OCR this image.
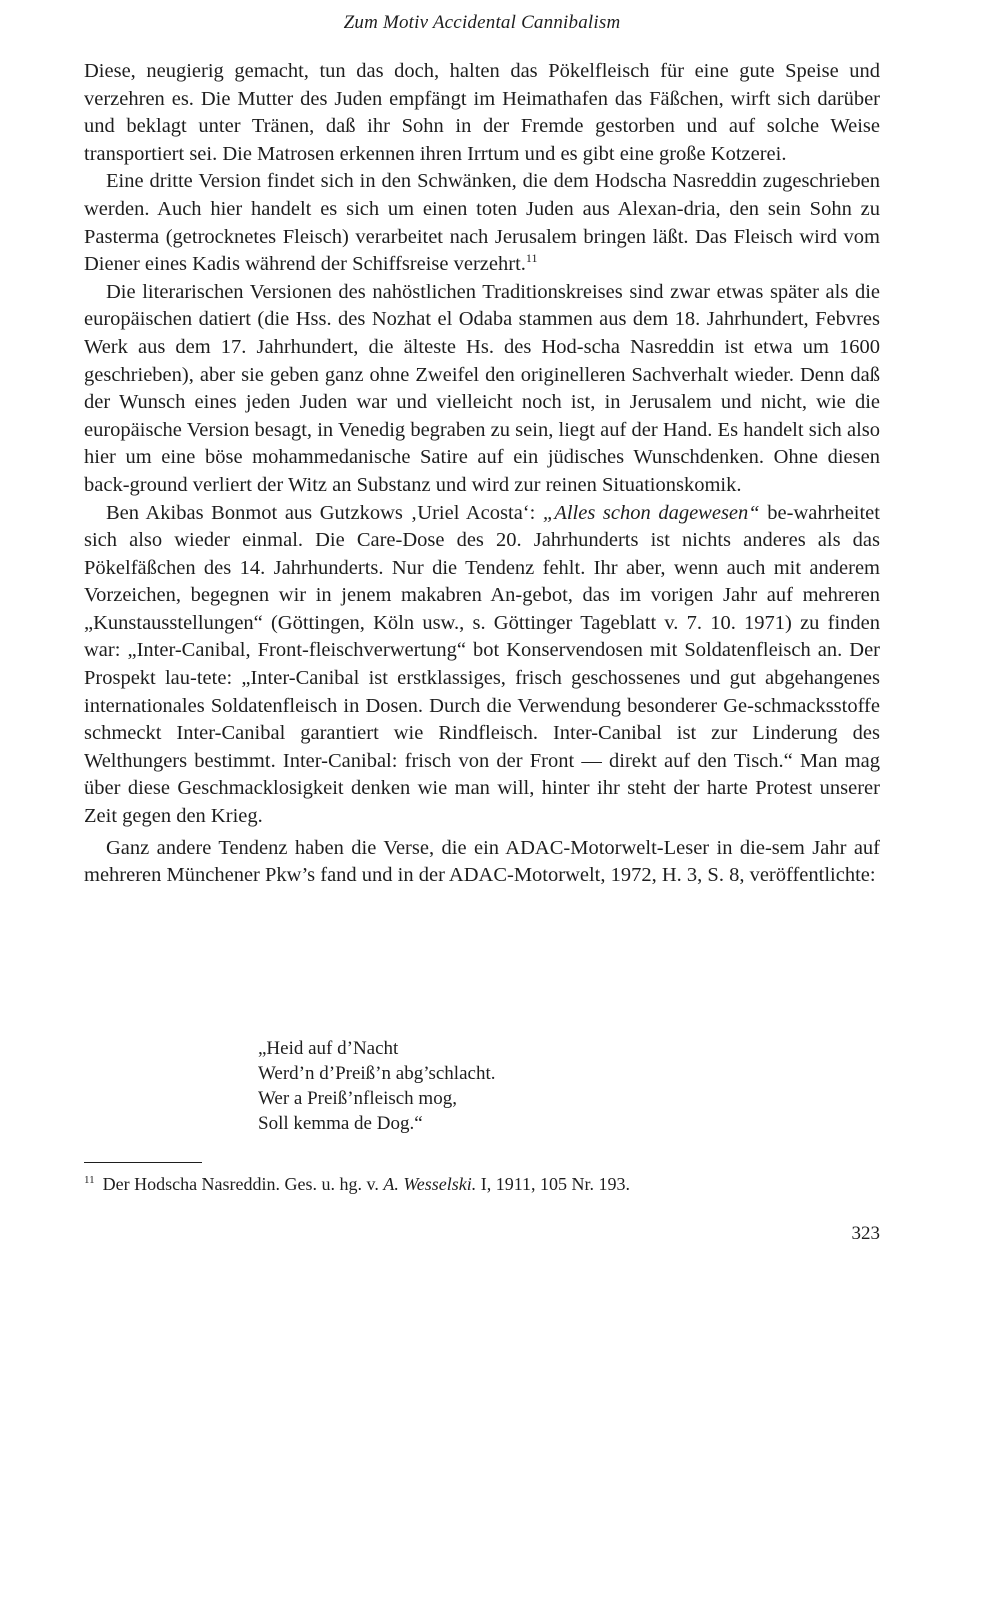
Zum Motiv Accidental Cannibalism

Diese, neugierig gemacht, tun das doch, halten das Pökelfleisch für eine gute Speise und verzehren es. Die Mutter des Juden empfängt im Heimathafen das Fäßchen, wirft sich darüber und beklagt unter Tränen, daß ihr Sohn in der Fremde gestorben und auf solche Weise transportiert sei. Die Matrosen erkennen ihren Irrtum und es gibt eine große Kotzerei.

Eine dritte Version findet sich in den Schwänken, die dem Hodscha Nasreddin zugeschrieben werden. Auch hier handelt es sich um einen toten Juden aus Alexan-dria, den sein Sohn zu Pasterma (getrocknetes Fleisch) verarbeitet nach Jerusalem bringen läßt. Das Fleisch wird vom Diener eines Kadis während der Schiffsreise verzehrt.$^{11}$

Die literarischen Versionen des nahöstlichen Traditionskreises sind zwar etwas später als die europäischen datiert (die Hss. des Nozhat el Odaba stammen aus dem 18. Jahrhundert, Febvres Werk aus dem 17. Jahrhundert, die älteste Hs. des Hod-scha Nasreddin ist etwa um 1600 geschrieben), aber sie geben ganz ohne Zweifel den originelleren Sachverhalt wieder. Denn daß der Wunsch eines jeden Juden war und vielleicht noch ist, in Jerusalem und nicht, wie die europäische Version besagt, in Venedig begraben zu sein, liegt auf der Hand. Es handelt sich also hier um eine böse mohammedanische Satire auf ein jüdisches Wunschdenken. Ohne diesen back-ground verliert der Witz an Substanz und wird zur reinen Situationskomik.

Ben Akibas Bonmot aus Gutzkows ‚Uriel Acosta‘: „Alles schon dagewesen“ be-wahrheitet sich also wieder einmal. Die Care-Dose des 20. Jahrhunderts ist nichts anderes als das Pökelfäßchen des 14. Jahrhunderts. Nur die Tendenz fehlt. Ihr aber, wenn auch mit anderem Vorzeichen, begegnen wir in jenem makabren An-gebot, das im vorigen Jahr auf mehreren „Kunstausstellungen“ (Göttingen, Köln usw., s. Göttinger Tageblatt v. 7. 10. 1971) zu finden war: „Inter-Canibal, Front-fleischverwertung“ bot Konservendosen mit Soldatenfleisch an. Der Prospekt lau-tete: „Inter-Canibal ist erstklassiges, frisch geschossenes und gut abgehangenes internationales Soldatenfleisch in Dosen. Durch die Verwendung besonderer Ge-schmacksstoffe schmeckt Inter-Canibal garantiert wie Rindfleisch. Inter-Canibal ist zur Linderung des Welthungers bestimmt. Inter-Canibal: frisch von der Front — direkt auf den Tisch.“ Man mag über diese Geschmacklosigkeit denken wie man will, hinter ihr steht der harte Protest unserer Zeit gegen den Krieg.

Ganz andere Tendenz haben die Verse, die ein ADAC-Motorwelt-Leser in die-sem Jahr auf mehreren Münchener Pkw’s fand und in der ADAC-Motorwelt, 1972, H. 3, S. 8, veröffentlichte:

„Heid auf d’Nacht
Werd’n d’Preiß’n abg’schlacht.
Wer a Preiß’nfleisch mog,
Soll kemma de Dog.“
$^{11}$ Der Hodscha Nasreddin. Ges. u. hg. v. A. Wesselski. I, 1911, 105 Nr. 193.
323
